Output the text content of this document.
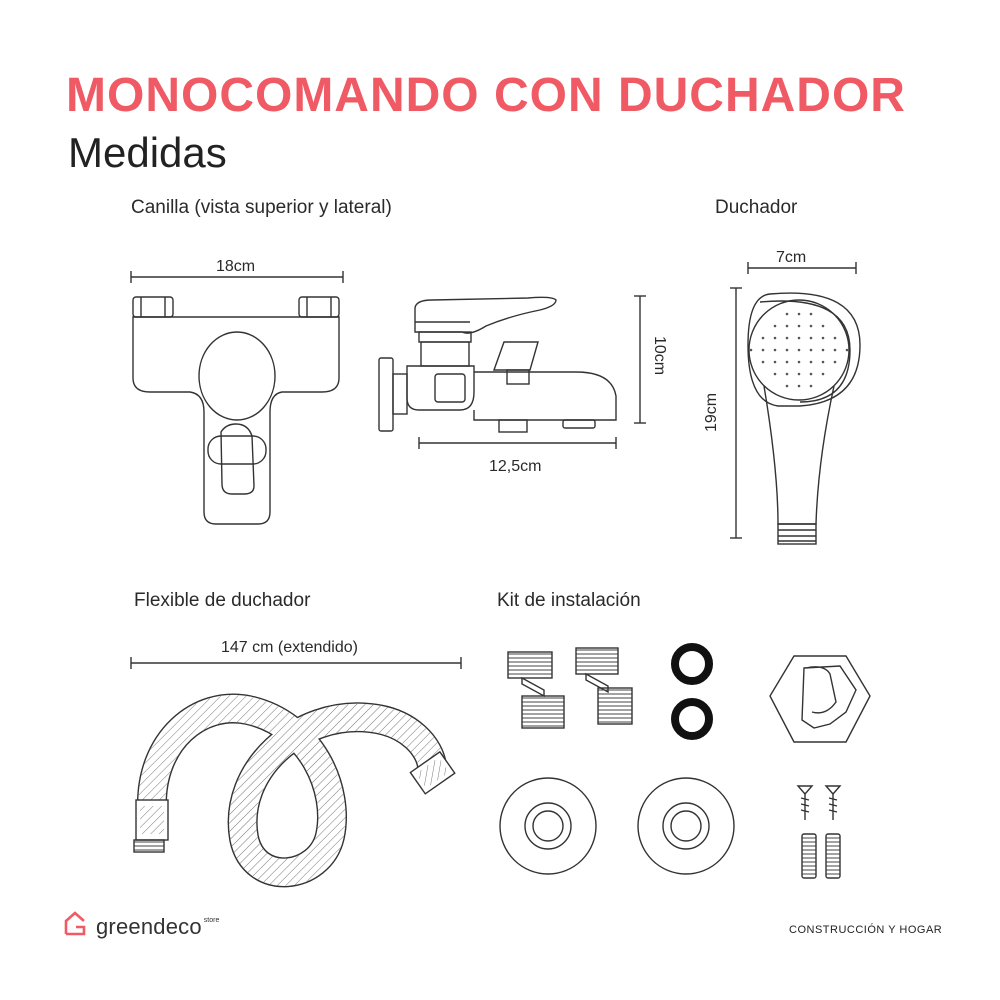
MONOCOMANDO CON DUCHADOR
Medidas
Canilla (vista superior y lateral)	Duchador
Flexible de duchador	Kit de instalación
18cm
10cm
12,5cm
7cm
19cm
147 cm (extendido)
greendeco store
CONSTRUCCIÓN Y HOGAR
